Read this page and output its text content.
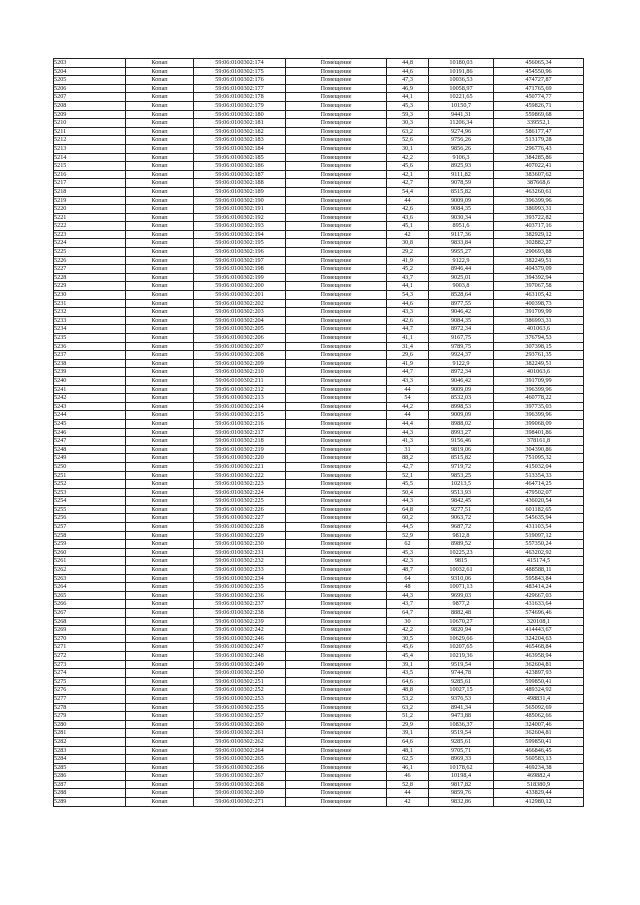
5203	Копап	59:06:0100302:174	Помещение	44,8	10180,03	456065,34
5204	Копап	59:06:0100302:175	Помещение	44,6	10191,86	454550,96
5205	Копап	59:06:0100302:176	Помещение	47,3	10036,53	474727,87
5206	Копап	59:06:0100302:177	Помещение	46,9	10058,97	471765,69
5207	Копап	59:06:0100302:178	Помещение	44,1	10221,65	450774,77
5208	Копап	59:06:0100302:179	Помещение	45,3	10150,7	459826,71
5209	Копап	59:06:0100302:180	Помещение	59,3	9441,31	559869,68
5210	Копап	59:06:0100302:181	Помещение	30,3	11206,34	339552,1
5211	Копап	59:06:0100302:182	Помещение	63,2	9274,96	586177,47
5212	Копап	59:06:0100302:183	Помещение	52,6	9756,26	513179,28
5213	Копап	59:06:0100302:184	Помещение	30,1	9856,26	296776,43
5214	Копап	59:06:0100302:185	Помещение	42,2	9106,3	384285,86
5215	Копап	59:06:0100302:186	Помещение	45,6	8925,93	407022,41
5216	Копап	59:06:0100302:187	Помещение	42,1	9111,82	383607,62
5217	Копап	59:06:0100302:188	Помещение	42,7	9078,59	387668,6
5218	Копап	59:06:0100302:189	Помещение	54,4	8515,82	463260,61
5219	Копап	59:06:0100302:190	Помещение	44	9009,09	396399,96
5220	Копап	59:06:0100302:191	Помещение	42,6	9084,35	386993,31
5221	Копап	59:06:0100302:192	Помещение	43,6	9030,34	393722,82
5222	Копап	59:06:0100302:193	Помещение	45,1	8951,6	403717,16
5223	Копап	59:06:0100302:194	Помещение	42	9117,36	382929,12
5224	Копап	59:06:0100302:195	Помещение	30,8	9833,84	302882,27
5225	Копап	59:06:0100302:196	Помещение	29,2	9955,27	290693,88
5226	Копап	59:06:0100302:197	Помещение	41,9	9122,9	382249,51
5227	Копап	59:06:0100302:198	Помещение	45,2	8946,44	404379,09
5228	Копап	59:06:0100302:199	Помещение	43,7	9025,01	394392,94
5229	Копап	59:06:0100302:200	Помещение	44,1	9003,8	397067,58
5230	Копап	59:06:0100302:201	Помещение	54,3	8528,64	463105,42
5231	Копап	59:06:0100302:202	Помещение	44,6	8977,55	400398,73
5232	Копап	59:06:0100302:203	Помещение	43,3	9046,42	391709,99
5233	Копап	59:06:0100302:204	Помещение	42,6	9084,35	386993,31
5234	Копап	59:06:0100302:205	Помещение	44,7	8972,34	401063,6
5235	Копап	59:06:0100302:206	Помещение	41,1	9167,75	376794,53
5236	Копап	59:06:0100302:207	Помещение	31,4	9789,75	307398,15
5237	Копап	59:06:0100302:208	Помещение	29,6	9924,37	293761,35
5238	Копап	59:06:0100302:209	Помещение	41,9	9122,9	382249,51
5239	Копап	59:06:0100302:210	Помещение	44,7	8972,34	401063,6
5240	Копап	59:06:0100302:211	Помещение	43,3	9046,42	391709,99
5241	Копап	59:06:0100302:212	Помещение	44	9009,09	396399,96
5242	Копап	59:06:0100302:213	Помещение	54	8532,03	460778,22
5243	Копап	59:06:0100302:214	Помещение	44,2	8998,53	397735,03
5244	Копап	59:06:0100302:215	Помещение	44	9009,09	396399,96
5245	Копап	59:06:0100302:216	Помещение	44,4	8988,02	399068,09
5246	Копап	59:06:0100302:217	Помещение	44,3	8993,27	398401,86
5247	Копап	59:06:0100302:218	Помещение	41,3	9156,46	378161,8
5248	Копап	59:06:0100302:219	Помещение	31	9819,06	304390,86
5249	Копап	59:06:0100302:220	Помещение	88,2	8515,82	751095,32
5250	Копап	59:06:0100302:221	Помещение	42,7	9719,72	415032,04
5251	Копап	59:06:0100302:222	Помещение	52,1	9853,25	513354,33
5252	Копап	59:06:0100302:223	Помещение	45,5	10213,5	464714,25
5253	Копап	59:06:0100302:224	Помещение	50,4	9513,93	479502,07
5254	Копап	59:06:0100302:225	Помещение	44,3	9842,45	436020,54
5255	Копап	59:06:0100302:226	Помещение	64,8	9277,51	601182,65
5256	Копап	59:06:0100302:227	Помещение	60,2	9063,72	545635,94
5257	Копап	59:06:0100302:228	Помещение	44,5	9687,72	431103,54
5258	Копап	59:06:0100302:229	Помещение	52,9	9812,8	519097,12
5259	Копап	59:06:0100302:230	Помещение	62	8989,52	557350,24
5260	Копап	59:06:0100302:231	Помещение	45,3	10225,23	463202,92
5261	Копап	59:06:0100302:232	Помещение	42,3	9815	415174,5
5262	Копап	59:06:0100302:233	Помещение	48,7	10032,61	488588,11
5263	Копап	59:06:0100302:234	Помещение	64	9310,06	595843,84
5264	Копап	59:06:0100302:235	Помещение	48	10071,13	483414,24
5265	Копап	59:06:0100302:236	Помещение	44,3	9699,03	429667,03
5266	Копап	59:06:0100302:237	Помещение	43,7	9877,2	431633,64
5267	Копап	59:06:0100302:238	Помещение	64,7	8882,48	574696,46
5268	Копап	59:06:0100302:239	Помещение	30	10670,27	320108,1
5269	Копап	59:06:0100302:242	Помещение	42,2	9820,94	414443,67
5270	Копап	59:06:0100302:246	Помещение	30,5	10629,66	324204,63
5271	Копап	59:06:0100302:247	Помещение	45,6	10207,65	465468,84
5272	Копап	59:06:0100302:248	Помещение	45,4	10219,36	463958,94
5273	Копап	59:06:0100302:249	Помещение	39,1	9519,54	362604,81
5274	Копап	59:06:0100302:250	Помещение	43,5	9744,78	423897,93
5275	Копап	59:06:0100302:251	Помещение	64,6	9285,61	599850,41
5276	Копап	59:06:0100302:252	Помещение	48,8	10027,15	489324,92
5277	Копап	59:06:0100302:253	Помещение	53,2	9376,53	498831,4
5278	Копап	59:06:0100302:255	Помещение	63,2	8941,34	565092,69
5279	Копап	59:06:0100302:257	Помещение	51,2	9473,88	485062,66
5280	Копап	59:06:0100302:260	Помещение	29,9	10836,37	324007,46
5281	Копап	59:06:0100302:261	Помещение	39,1	9519,54	362604,81
5282	Копап	59:06:0100302:262	Помещение	64,6	9285,61	599850,41
5283	Копап	59:06:0100302:264	Помещение	48,1	9705,71	466846,45
5284	Копап	59:06:0100302:265	Помещение	62,5	8969,33	560583,13
5285	Копап	59:06:0100302:266	Помещение	46,1	10178,62	469234,38
5286	Копап	59:06:0100302:267	Помещение	46	10198,4	469882,4
5287	Копап	59:06:0100302:268	Помещение	52,8	9817,82	518380,9
5288	Копап	59:06:0100302:269	Помещение	44	9859,76	433829,44
5289	Копап	59:06:0100302:271	Помещение	42	9832,86	412980,12
